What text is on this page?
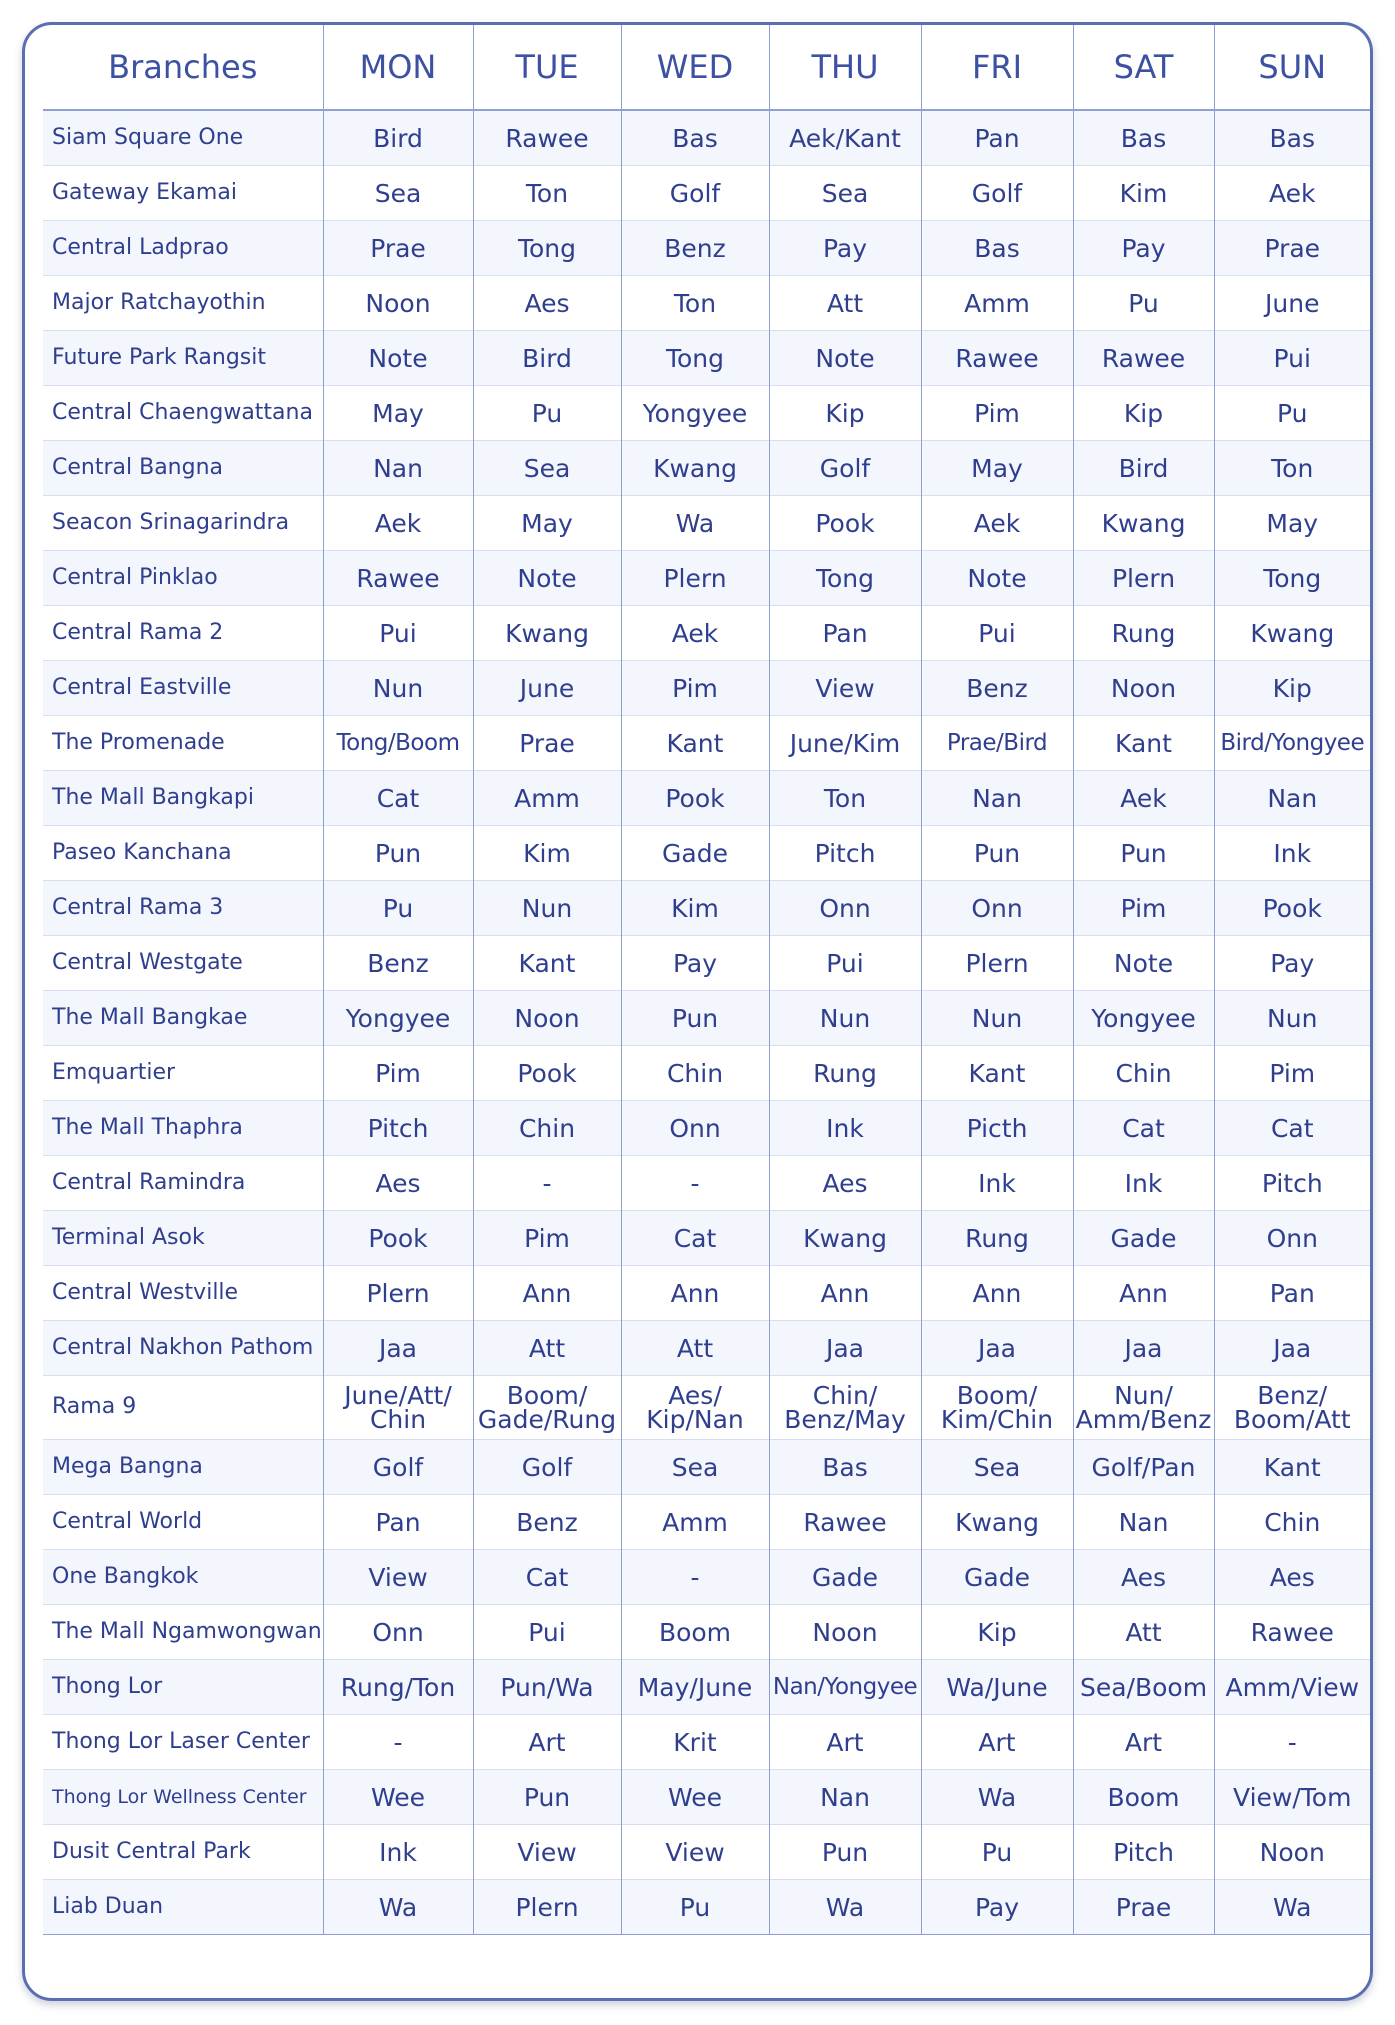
Branches	MON	TUE	WED	THU	FRI	SAT	SUN
Siam Square One	Bird	Rawee	Bas	Aek/Kant	Pan	Bas	Bas
Gateway Ekamai	Sea	Ton	Golf	Sea	Golf	Kim	Aek
Central Ladprao	Prae	Tong	Benz	Pay	Bas	Pay	Prae
Major Ratchayothin	Noon	Aes	Ton	Att	Amm	Pu	June
Future Park Rangsit	Note	Bird	Tong	Note	Rawee	Rawee	Pui
Central Chaengwattana	May	Pu	Yongyee	Kip	Pim	Kip	Pu
Central Bangna	Nan	Sea	Kwang	Golf	May	Bird	Ton
Seacon Srinagarindra	Aek	May	Wa	Pook	Aek	Kwang	May
Central Pinklao	Rawee	Note	Plern	Tong	Note	Plern	Tong
Central Rama 2	Pui	Kwang	Aek	Pan	Pui	Rung	Kwang
Central Eastville	Nun	June	Pim	View	Benz	Noon	Kip
The Promenade	Tong/Boom	Prae	Kant	June/Kim	Prae/Bird	Kant	Bird/Yongyee
The Mall Bangkapi	Cat	Amm	Pook	Ton	Nan	Aek	Nan
Paseo Kanchana	Pun	Kim	Gade	Pitch	Pun	Pun	Ink
Central Rama 3	Pu	Nun	Kim	Onn	Onn	Pim	Pook
Central Westgate	Benz	Kant	Pay	Pui	Plern	Note	Pay
The Mall Bangkae	Yongyee	Noon	Pun	Nun	Nun	Yongyee	Nun
Emquartier	Pim	Pook	Chin	Rung	Kant	Chin	Pim
The Mall Thaphra	Pitch	Chin	Onn	Ink	Picth	Cat	Cat
Central Ramindra	Aes	-	-	Aes	Ink	Ink	Pitch
Terminal Asok	Pook	Pim	Cat	Kwang	Rung	Gade	Onn
Central Westville	Plern	Ann	Ann	Ann	Ann	Ann	Pan
Central Nakhon Pathom	Jaa	Att	Att	Jaa	Jaa	Jaa	Jaa
Rama 9	June/Att/ Chin	Boom/ Gade/Rung	Aes/ Kip/Nan	Chin/ Benz/May	Boom/ Kim/Chin	Nun/ Amm/Benz	Benz/ Boom/Att
Mega Bangna	Golf	Golf	Sea	Bas	Sea	Golf/Pan	Kant
Central World	Pan	Benz	Amm	Rawee	Kwang	Nan	Chin
One Bangkok	View	Cat	-	Gade	Gade	Aes	Aes
The Mall Ngamwongwan	Onn	Pui	Boom	Noon	Kip	Att	Rawee
Thong Lor	Rung/Ton	Pun/Wa	May/June	Nan/Yongyee	Wa/June	Sea/Boom	Amm/View
Thong Lor Laser Center	-	Art	Krit	Art	Art	Art	-
Thong Lor Wellness Center	Wee	Pun	Wee	Nan	Wa	Boom	View/Tom
Dusit Central Park	Ink	View	View	Pun	Pu	Pitch	Noon
Liab Duan	Wa	Plern	Pu	Wa	Pay	Prae	Wa
